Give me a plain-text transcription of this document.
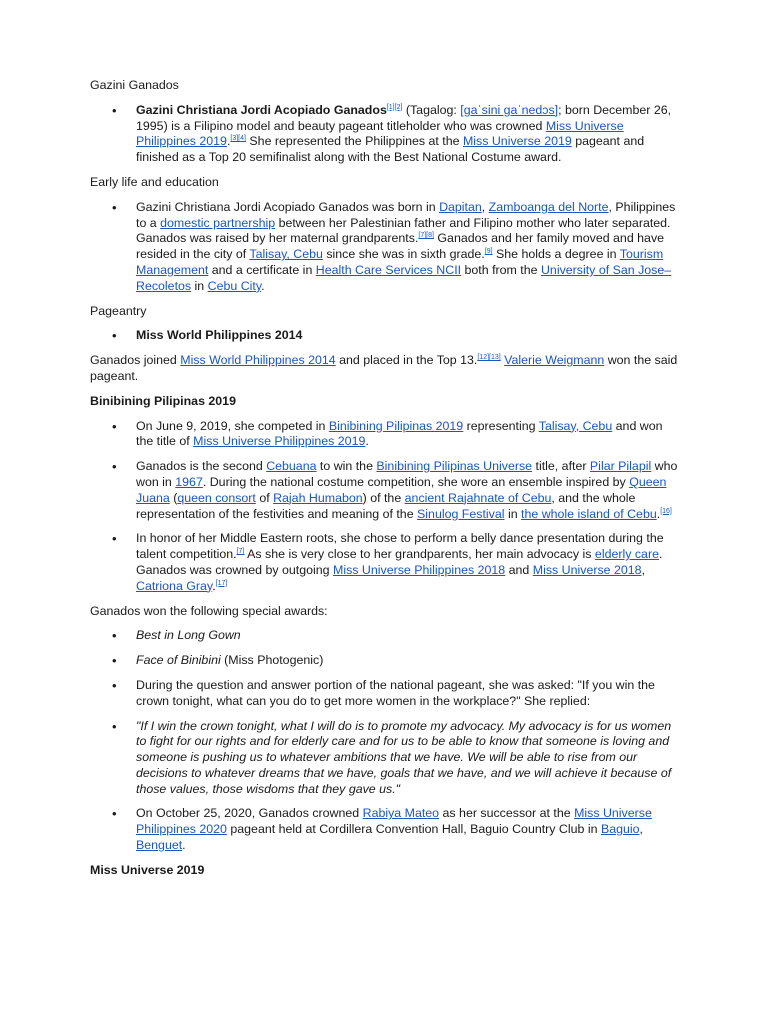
Gazini Ganados

• Gazini Christiana Jordi Acopiado Ganados[1][2] (Tagalog: [gaˈsini ɡaˈnedɔs]; born December 26, 1995) is a Filipino model and beauty pageant titleholder who was crowned Miss Universe Philippines 2019.[3][4] She represented the Philippines at the Miss Universe 2019 pageant and finished as a Top 20 semifinalist along with the Best National Costume award.

Early life and education

• Gazini Christiana Jordi Acopiado Ganados was born in Dapitan, Zamboanga del Norte, Philippines to a domestic partnership between her Palestinian father and Filipino mother who later separated. Ganados was raised by her maternal grandparents.[7][8] Ganados and her family moved and have resided in the city of Talisay, Cebu since she was in sixth grade.[9] She holds a degree in Tourism Management and a certificate in Health Care Services NCII both from the University of San Jose–Recoletos in Cebu City.

Pageantry

• Miss World Philippines 2014

Ganados joined Miss World Philippines 2014 and placed in the Top 13.[12][13] Valerie Weigmann won the said pageant.

Binibining Pilipinas 2019

• On June 9, 2019, she competed in Binibining Pilipinas 2019 representing Talisay, Cebu and won the title of Miss Universe Philippines 2019.
• Ganados is the second Cebuana to win the Binibining Pilipinas Universe title, after Pilar Pilapil who won in 1967. During the national costume competition, she wore an ensemble inspired by Queen Juana (queen consort of Rajah Humabon) of the ancient Rajahnate of Cebu, and the whole representation of the festivities and meaning of the Sinulog Festival in the whole island of Cebu.[16]
• In honor of her Middle Eastern roots, she chose to perform a belly dance presentation during the talent competition.[7] As she is very close to her grandparents, her main advocacy is elderly care. Ganados was crowned by outgoing Miss Universe Philippines 2018 and Miss Universe 2018, Catriona Gray.[17]

Ganados won the following special awards:

• Best in Long Gown
• Face of Binibini (Miss Photogenic)
• During the question and answer portion of the national pageant, she was asked: "If you win the crown tonight, what can you do to get more women in the workplace?" She replied:
• "If I win the crown tonight, what I will do is to promote my advocacy. My advocacy is for us women to fight for our rights and for elderly care and for us to be able to know that someone is loving and someone is pushing us to whatever ambitions that we have. We will be able to rise from our decisions to whatever dreams that we have, goals that we have, and we will achieve it because of those values, those wisdoms that they gave us."
• On October 25, 2020, Ganados crowned Rabiya Mateo as her successor at the Miss Universe Philippines 2020 pageant held at Cordillera Convention Hall, Baguio Country Club in Baguio, Benguet.

Miss Universe 2019
